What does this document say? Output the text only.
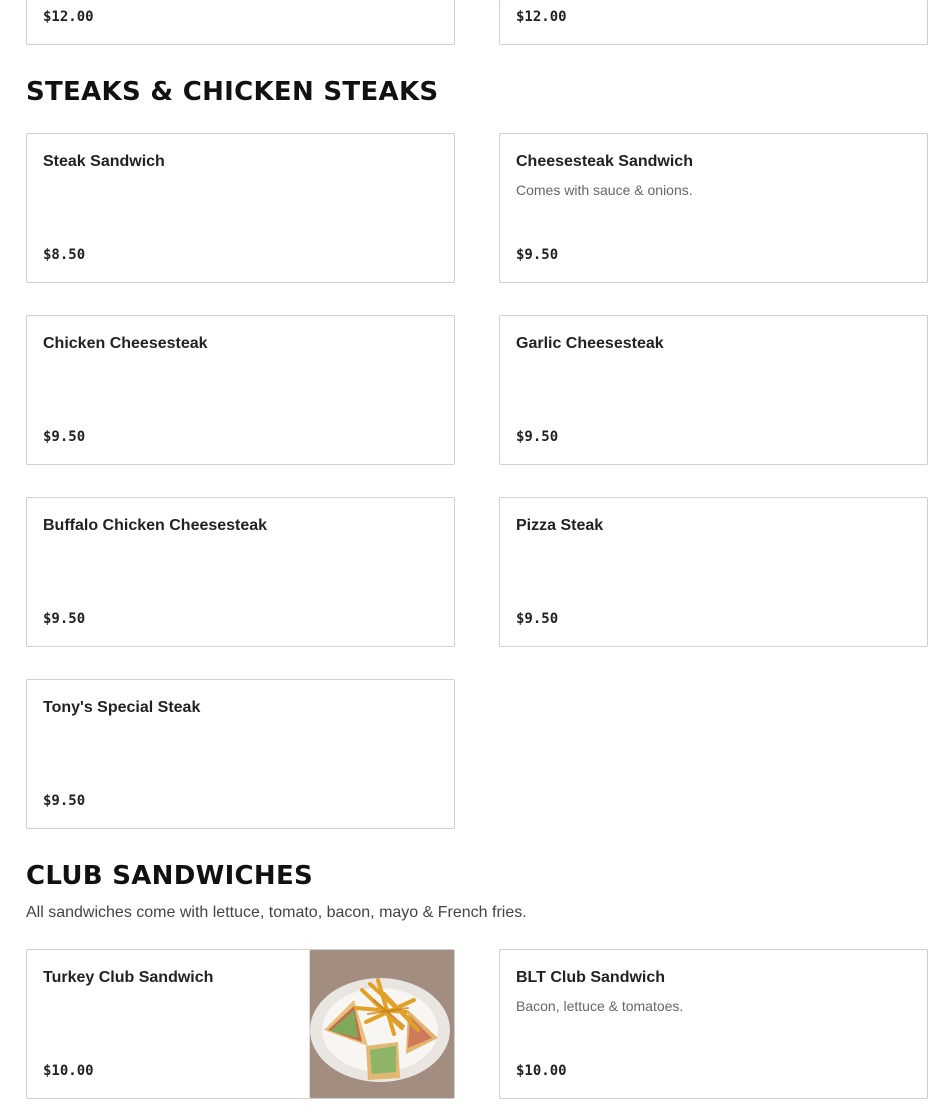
$12.00	$12.00
STEAKS & CHICKEN STEAKS
Steak Sandwich
$8.50
Cheesesteak Sandwich
Comes with sauce & onions.
$9.50
Chicken Cheesesteak
$9.50
Garlic Cheesesteak
$9.50
Buffalo Chicken Cheesesteak
$9.50
Pizza Steak
$9.50
Tony's Special Steak
$9.50
CLUB SANDWICHES
All sandwiches come with lettuce, tomato, bacon, mayo & French fries.
Turkey Club Sandwich
$10.00
BLT Club Sandwich
Bacon, lettuce & tomatoes.
$10.00
